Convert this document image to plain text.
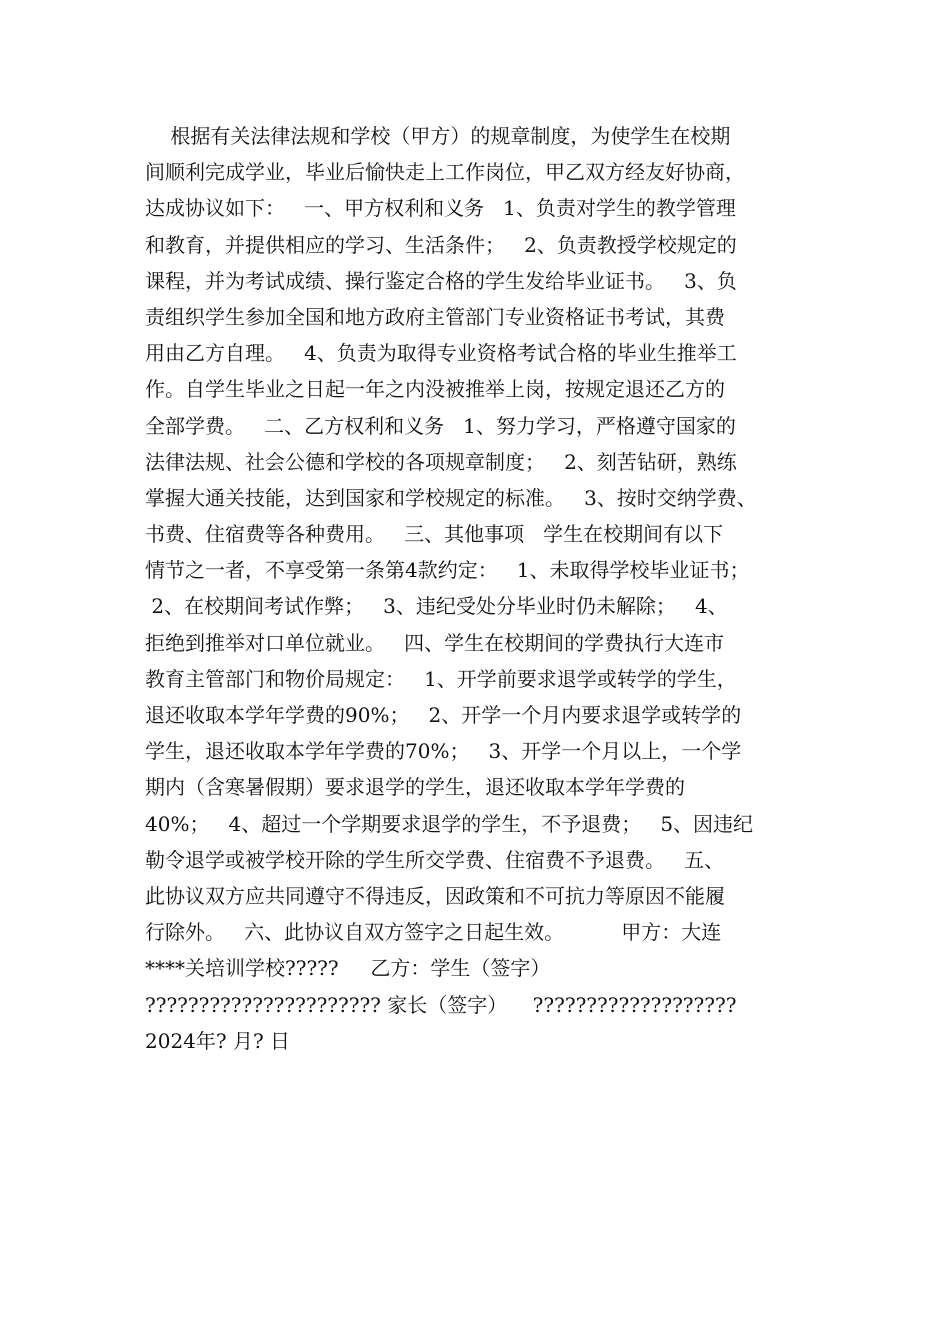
根据有关法律法规和学校（甲方）的规章制度，为使学生在校期
间顺利完成学业，毕业后愉快走上工作岗位，甲乙双方经友好协商，
达成协议如下：   一、甲方权利和义务   1、负责对学生的教学管理
和教育，并提供相应的学习、生活条件；   2、负责教授学校规定的
课程，并为考试成绩、操行鉴定合格的学生发给毕业证书。   3、负
责组织学生参加全国和地方政府主管部门专业资格证书考试，其费
用由乙方自理。   4、负责为取得专业资格考试合格的毕业生推举工
作。自学生毕业之日起一年之内没被推举上岗，按规定退还乙方的
全部学费。   二、乙方权利和义务   1、努力学习，严格遵守国家的
法律法规、社会公德和学校的各项规章制度；   2、刻苦钻研，熟练
掌握大通关技能，达到国家和学校规定的标准。   3、按时交纳学费、
书费、住宿费等各种费用。   三、其他事项   学生在校期间有以下
情节之一者，不享受第一条第4款约定：   1、未取得学校毕业证书；
2、在校期间考试作弊；   3、违纪受处分毕业时仍未解除；   4、
拒绝到推举对口单位就业。   四、学生在校期间的学费执行大连市
教育主管部门和物价局规定：   1、开学前要求退学或转学的学生，
退还收取本学年学费的90%；   2、开学一个月内要求退学或转学的
学生，退还收取本学年学费的70%；   3、开学一个月以上，一个学
期内（含寒暑假期）要求退学的学生，退还收取本学年学费的
40%；   4、超过一个学期要求退学的学生，不予退费；   5、因违纪
勒令退学或被学校开除的学生所交学费、住宿费不予退费。   五、
此协议双方应共同遵守不得违反，因政策和不可抗力等原因不能履
行除外。   六、此协议自双方签字之日起生效。         甲方：大连
****关培训学校?????     乙方：学生（签字）
?????????????????????? 家长（签字）    ???????????????????
2024年? 月? 日
